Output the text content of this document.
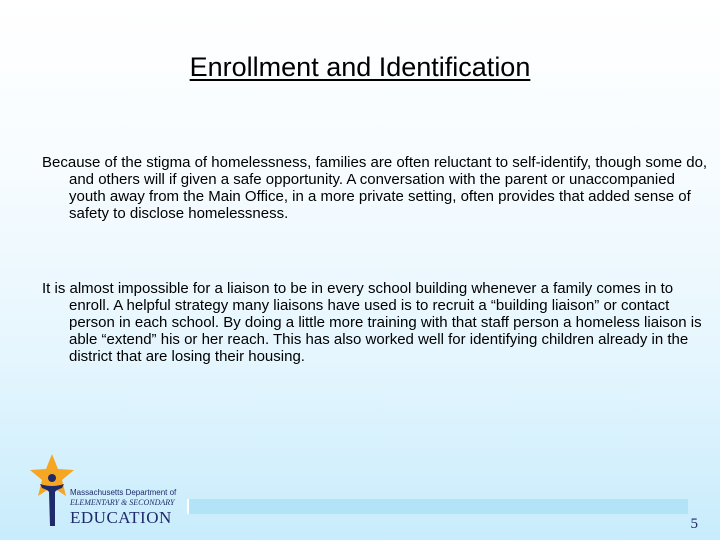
Enrollment and Identification

Because of the stigma of homelessness, families are often reluctant to self-identify, though some do, and others will if given a safe opportunity. A conversation with the parent or unaccompanied youth away from the Main Office, in a more private setting, often provides that added sense of safety to disclose homelessness.

It is almost impossible for a liaison to be in every school building whenever a family comes in to enroll. A helpful strategy many liaisons have used is to recruit a “building liaison” or contact person in each school. By doing a little more training with that staff person a homeless liaison is able “extend” his or her reach. This has also worked well for identifying children already in the district that are losing their housing.

Massachusetts Department of
ELEMENTARY & SECONDARY
EDUCATION	5
